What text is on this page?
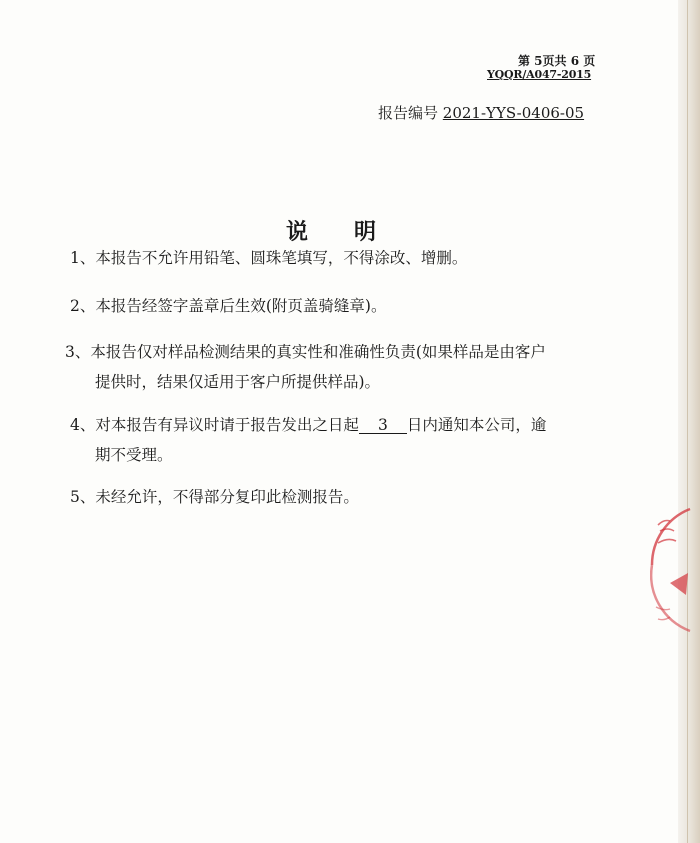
第 5页共 6 页
YQQR/A047-2015
报告编号 2021-YYS-0406-05
说明
1、本报告不允许用铅笔、圆珠笔填写，不得涂改、增删。
2、本报告经签字盖章后生效(附页盖骑缝章)。
3、本报告仅对样品检测结果的真实性和准确性负责(如果样品是由客户
提供时，结果仅适用于客户所提供样品)。
4、对本报告有异议时请于报告发出之日起 3 日内通知本公司，逾
期不受理。
5、未经允许，不得部分复印此检测报告。
